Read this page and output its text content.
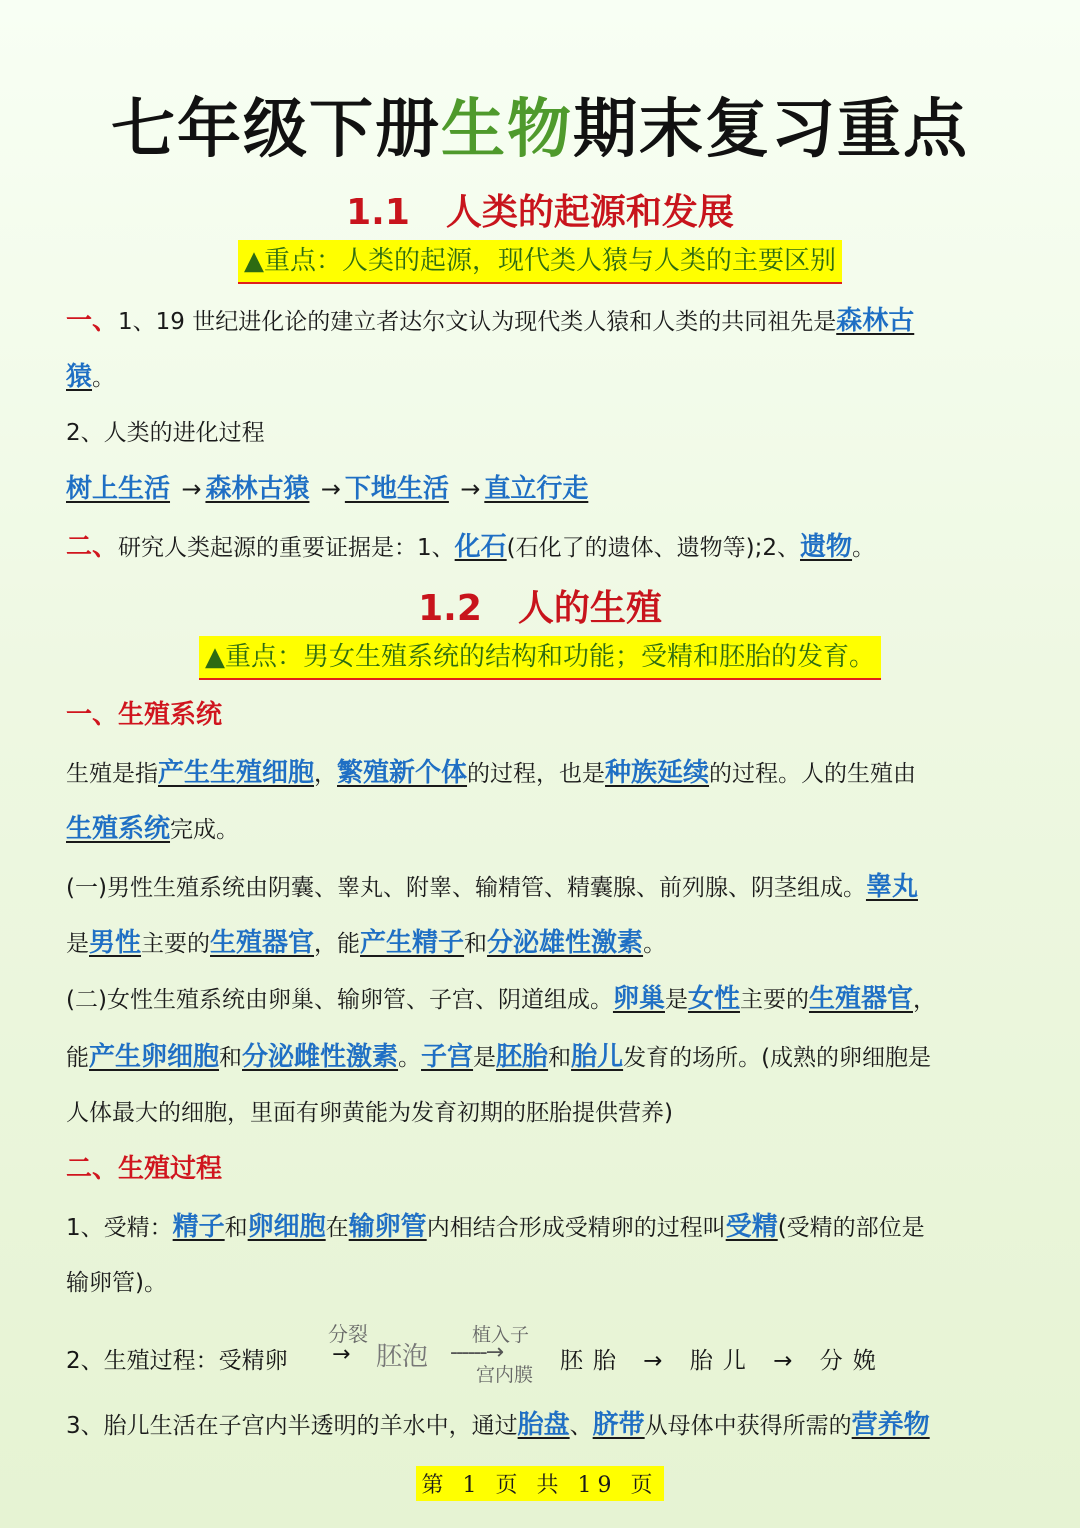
七年级下册生物期末复习重点
1.1 人类的起源和发展
▲重点：人类的起源，现代类人猿与人类的主要区别
一、1、19 世纪进化论的建立者达尔文认为现代类人猿和人类的共同祖先是森林古
猿。
2、人类的进化过程
树上生活 → 森林古猿 → 下地生活 → 直立行走
二、研究人类起源的重要证据是：1、化石(石化了的遗体、遗物等);2、遗物。
1.2 人的生殖
▲重点：男女生殖系统的结构和功能；受精和胚胎的发育。
一、生殖系统
生殖是指产生生殖细胞，繁殖新个体的过程，也是种族延续的过程。人的生殖由
生殖系统完成。
(一)男性生殖系统由阴囊、睾丸、附睾、输精管、精囊腺、前列腺、阴茎组成。睾丸
是男性主要的生殖器官，能产生精子和分泌雄性激素。
(二)女性生殖系统由卵巢、输卵管、子宫、阴道组成。卵巢是女性主要的生殖器官，
能产生卵细胞和分泌雌性激素。子宫是胚胎和胎儿发育的场所。(成熟的卵细胞是
人体最大的细胞，里面有卵黄能为发育初期的胚胎提供营养)
二、生殖过程
1、受精：精子和卵细胞在输卵管内相结合形成受精卵的过程叫受精(受精的部位是
输卵管)。
2、生殖过程：受精卵
分裂
→ 胚泡
植入子
------→
宫内膜
胚胎 → 胎儿 → 分娩
3、胎儿生活在子宫内半透明的羊水中，通过胎盘、脐带从母体中获得所需的营养物
第 1 页 共 19 页
